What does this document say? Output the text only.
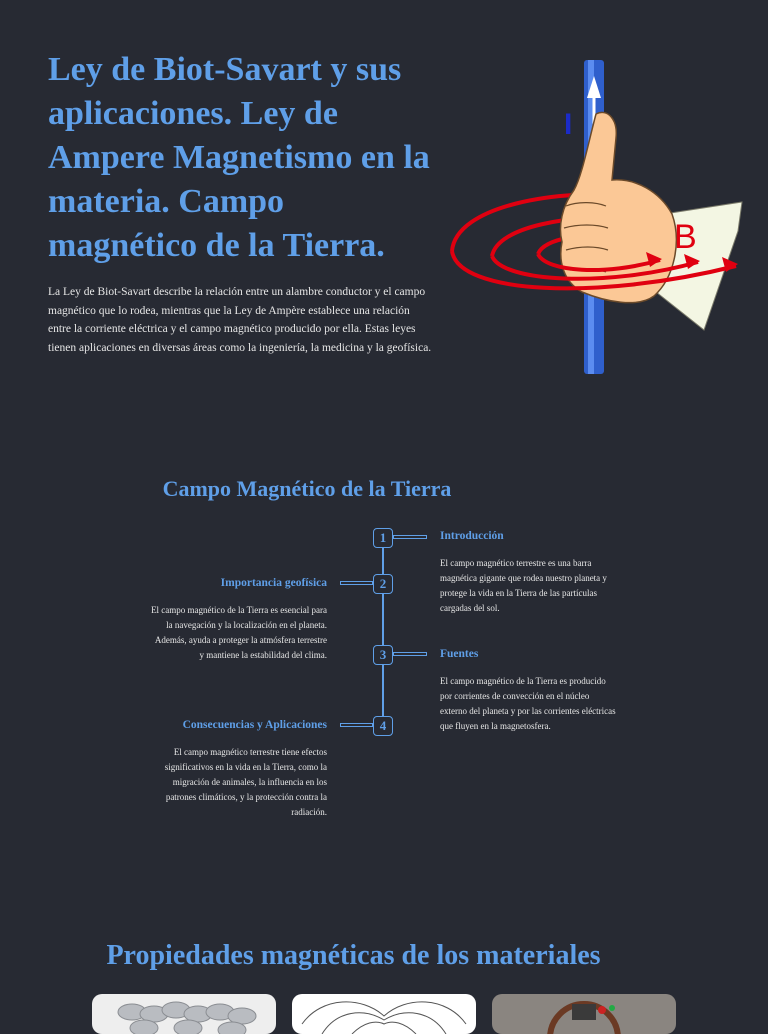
Ley de Biot-Savart y sus aplicaciones. Ley de Ampere Magnetismo en la materia. Campo magnético de la Tierra.

La Ley de Biot-Savart describe la relación entre un alambre conductor y el campo magnético que lo rodea, mientras que la Ley de Ampère establece una relación entre la corriente eléctrica y el campo magnético producido por ella. Estas leyes tienen aplicaciones en diversas áreas como la ingeniería, la medicina y la geofísica.

I
B
Campo Magnético de la Tierra
1	Introducción

El campo magnético terrestre es una barra magnética gigante que rodea nuestro planeta y protege la vida en la Tierra de las partículas cargadas del sol.

2
Importancia geofísica

El campo magnético de la Tierra es esencial para la navegación y la localización en el planeta. Además, ayuda a proteger la atmósfera terrestre y mantiene la estabilidad del clima.	3	Fuentes

El campo magnético de la Tierra es producido por corrientes de convección en el núcleo externo del planeta y por las corrientes eléctricas que fluyen en la magnetosfera.

4
Consecuencias y Aplicaciones

El campo magnético terrestre tiene efectos significativos en la vida en la Tierra, como la migración de animales, la influencia en los patrones climáticos, y la protección contra la radiación.

Propiedades magnéticas de los materiales
